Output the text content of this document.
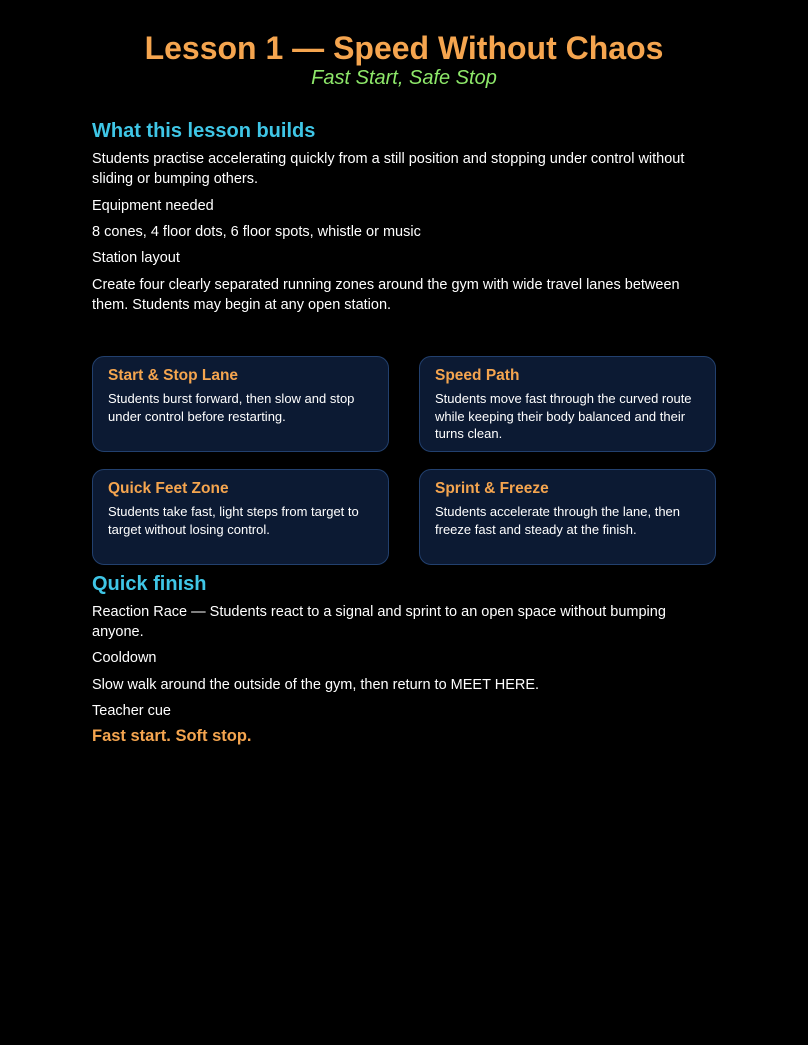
Lesson 1 — Speed Without Chaos
Fast Start, Safe Stop
What this lesson builds

Students practise accelerating quickly from a still position and stopping under control without sliding or bumping others.

Equipment needed

8 cones, 4 floor dots, 6 floor spots, whistle or music

Station layout

Create four clearly separated running zones around the gym with wide travel lanes between them. Students may begin at any open station.

Start & Stop Lane
Students burst forward, then slow and stop under control before restarting.
Speed Path
Students move fast through the curved route while keeping their body balanced and their turns clean.
Quick Feet Zone
Students take fast, light steps from target to target without losing control.
Sprint & Freeze
Students accelerate through the lane, then freeze fast and steady at the finish.
Quick finish

Reaction Race — Students react to a signal and sprint to an open space without bumping anyone.

Cooldown

Slow walk around the outside of the gym, then return to MEET HERE.

Teacher cue

Fast start. Soft stop.
